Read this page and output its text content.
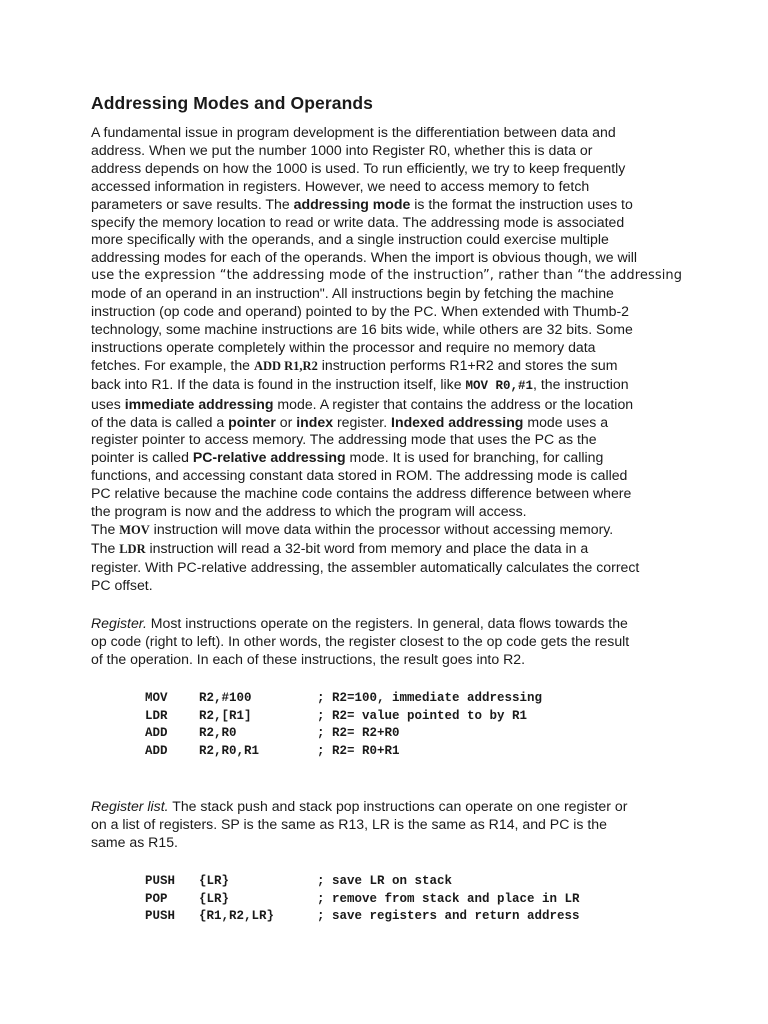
Addressing Modes and Operands

A fundamental issue in program development is the differentiation between data and
address. When we put the number 1000 into Register R0, whether this is data or
address depends on how the 1000 is used. To run efficiently, we try to keep frequently
accessed information in registers. However, we need to access memory to fetch
parameters or save results. The addressing mode is the format the instruction uses to
specify the memory location to read or write data. The addressing mode is associated
more specifically with the operands, and a single instruction could exercise multiple
addressing modes for each of the operands. When the import is obvious though, we will
use the expression “the addressing mode of the instruction”, rather than “the addressing
mode of an operand in an instruction". All instructions begin by fetching the machine
instruction (op code and operand) pointed to by the PC. When extended with Thumb-2
technology, some machine instructions are 16 bits wide, while others are 32 bits. Some
instructions operate completely within the processor and require no memory data
fetches. For example, the ADD R1,R2 instruction performs R1+R2 and stores the sum
back into R1. If the data is found in the instruction itself, like MOV R0,#1, the instruction
uses immediate addressing mode. A register that contains the address or the location
of the data is called a pointer or index register. Indexed addressing mode uses a
register pointer to access memory. The addressing mode that uses the PC as the
pointer is called PC-relative addressing mode. It is used for branching, for calling
functions, and accessing constant data stored in ROM. The addressing mode is called
PC relative because the machine code contains the address difference between where
the program is now and the address to which the program will access.
The MOV instruction will move data within the processor without accessing memory.
The LDR instruction will read a 32-bit word from memory and place the data in a
register. With PC-relative addressing, the assembler automatically calculates the correct
PC offset.

Register. Most instructions operate on the registers. In general, data flows towards the
op code (right to left). In other words, the register closest to the op code gets the result
of the operation. In each of these instructions, the result goes into R2.

MOV	R2,#100	; R2=100, immediate addressing
LDR	R2,[R1]	; R2= value pointed to by R1
ADD	R2,R0	; R2= R2+R0
ADD	R2,R0,R1	; R2= R0+R1

Register list. The stack push and stack pop instructions can operate on one register or
on a list of registers. SP is the same as R13, LR is the same as R14, and PC is the
same as R15.

PUSH {LR}	; save LR on stack
POP	{LR}	; remove from stack and place in LR
PUSH {R1,R2,LR}	; save registers and return address
